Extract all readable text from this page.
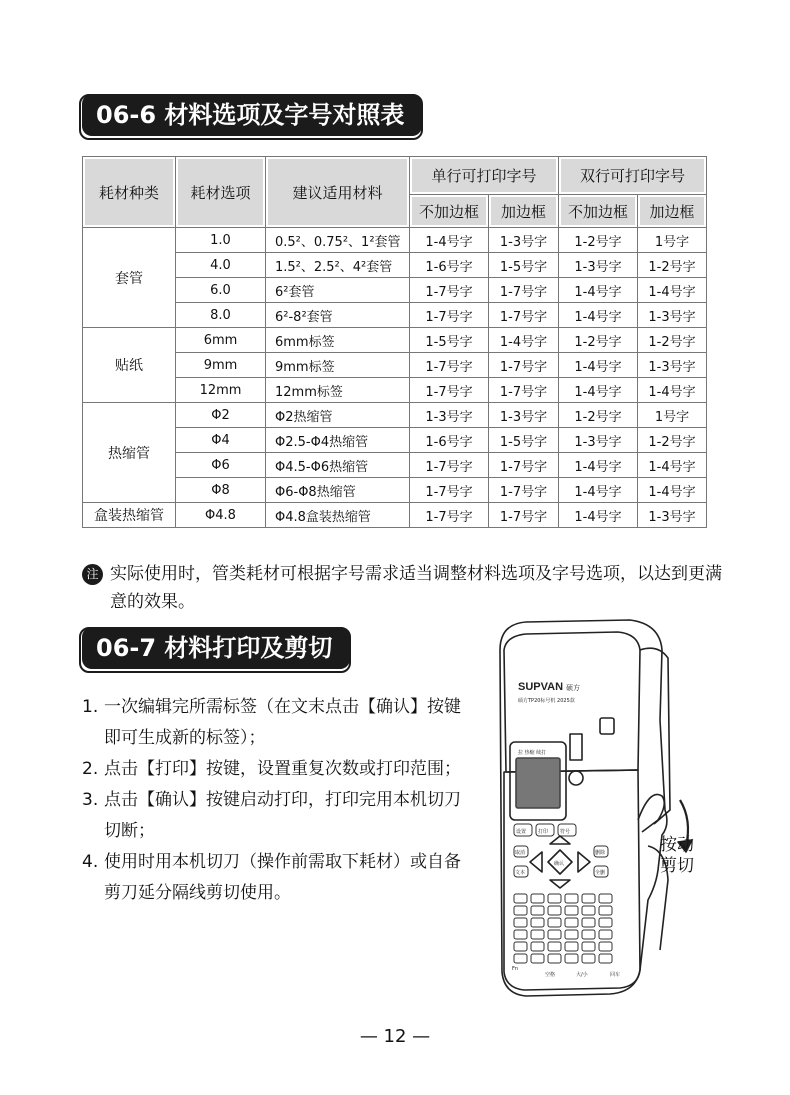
06-6 材料选项及字号对照表
耗材种类	耗材选项	建议适用材料	单行可打印字号		双行可打印字号	
			不加边框	加边框	不加边框	加边框
套管	1.0	0.5²、0.75²、1²套管	1-4号字	1-3号字	1-2号字	1号字
	4.0	1.5²、2.5²、4²套管	1-6号字	1-5号字	1-3号字	1-2号字
	6.0	6²套管	1-7号字	1-7号字	1-4号字	1-4号字
	8.0	6²-8²套管	1-7号字	1-7号字	1-4号字	1-3号字
贴纸	6mm	6mm标签	1-5号字	1-4号字	1-2号字	1-2号字
	9mm	9mm标签	1-7号字	1-7号字	1-4号字	1-3号字
	12mm	12mm标签	1-7号字	1-7号字	1-4号字	1-4号字
热缩管	Φ2	Φ2热缩管	1-3号字	1-3号字	1-2号字	1号字
	Φ4	Φ2.5-Φ4热缩管	1-6号字	1-5号字	1-3号字	1-2号字
	Φ6	Φ4.5-Φ6热缩管	1-7号字	1-7号字	1-4号字	1-4号字
	Φ8	Φ6-Φ8热缩管	1-7号字	1-7号字	1-4号字	1-4号字
盒装热缩管	Φ4.8	Φ4.8盒装热缩管	1-7号字	1-7号字	1-4号字	1-3号字
注 实际使用时，管类耗材可根据字号需求适当调整材料选项及字号选项，以达到更满意的效果。
06-7 材料打印及剪切
1. 一次编辑完所需标签（在文末点击【确认】按键即可生成新的标签）；
2. 点击【打印】按键，设置重复次数或打印范围；
3. 点击【确认】按键启动打印，打印完用本机切刀切断；
4. 使用时用本机切刀（操作前需取下耗材）或自备剪刀延分隔线剪切使用。
SUPVAN 硕方
硕方TP20标号机 2025款
拉 热缩 续打
设置 打印 符号
取消
文本
删除
全删
确认
Fn
空格	大/小	回车
按动
剪切
— 12 —
